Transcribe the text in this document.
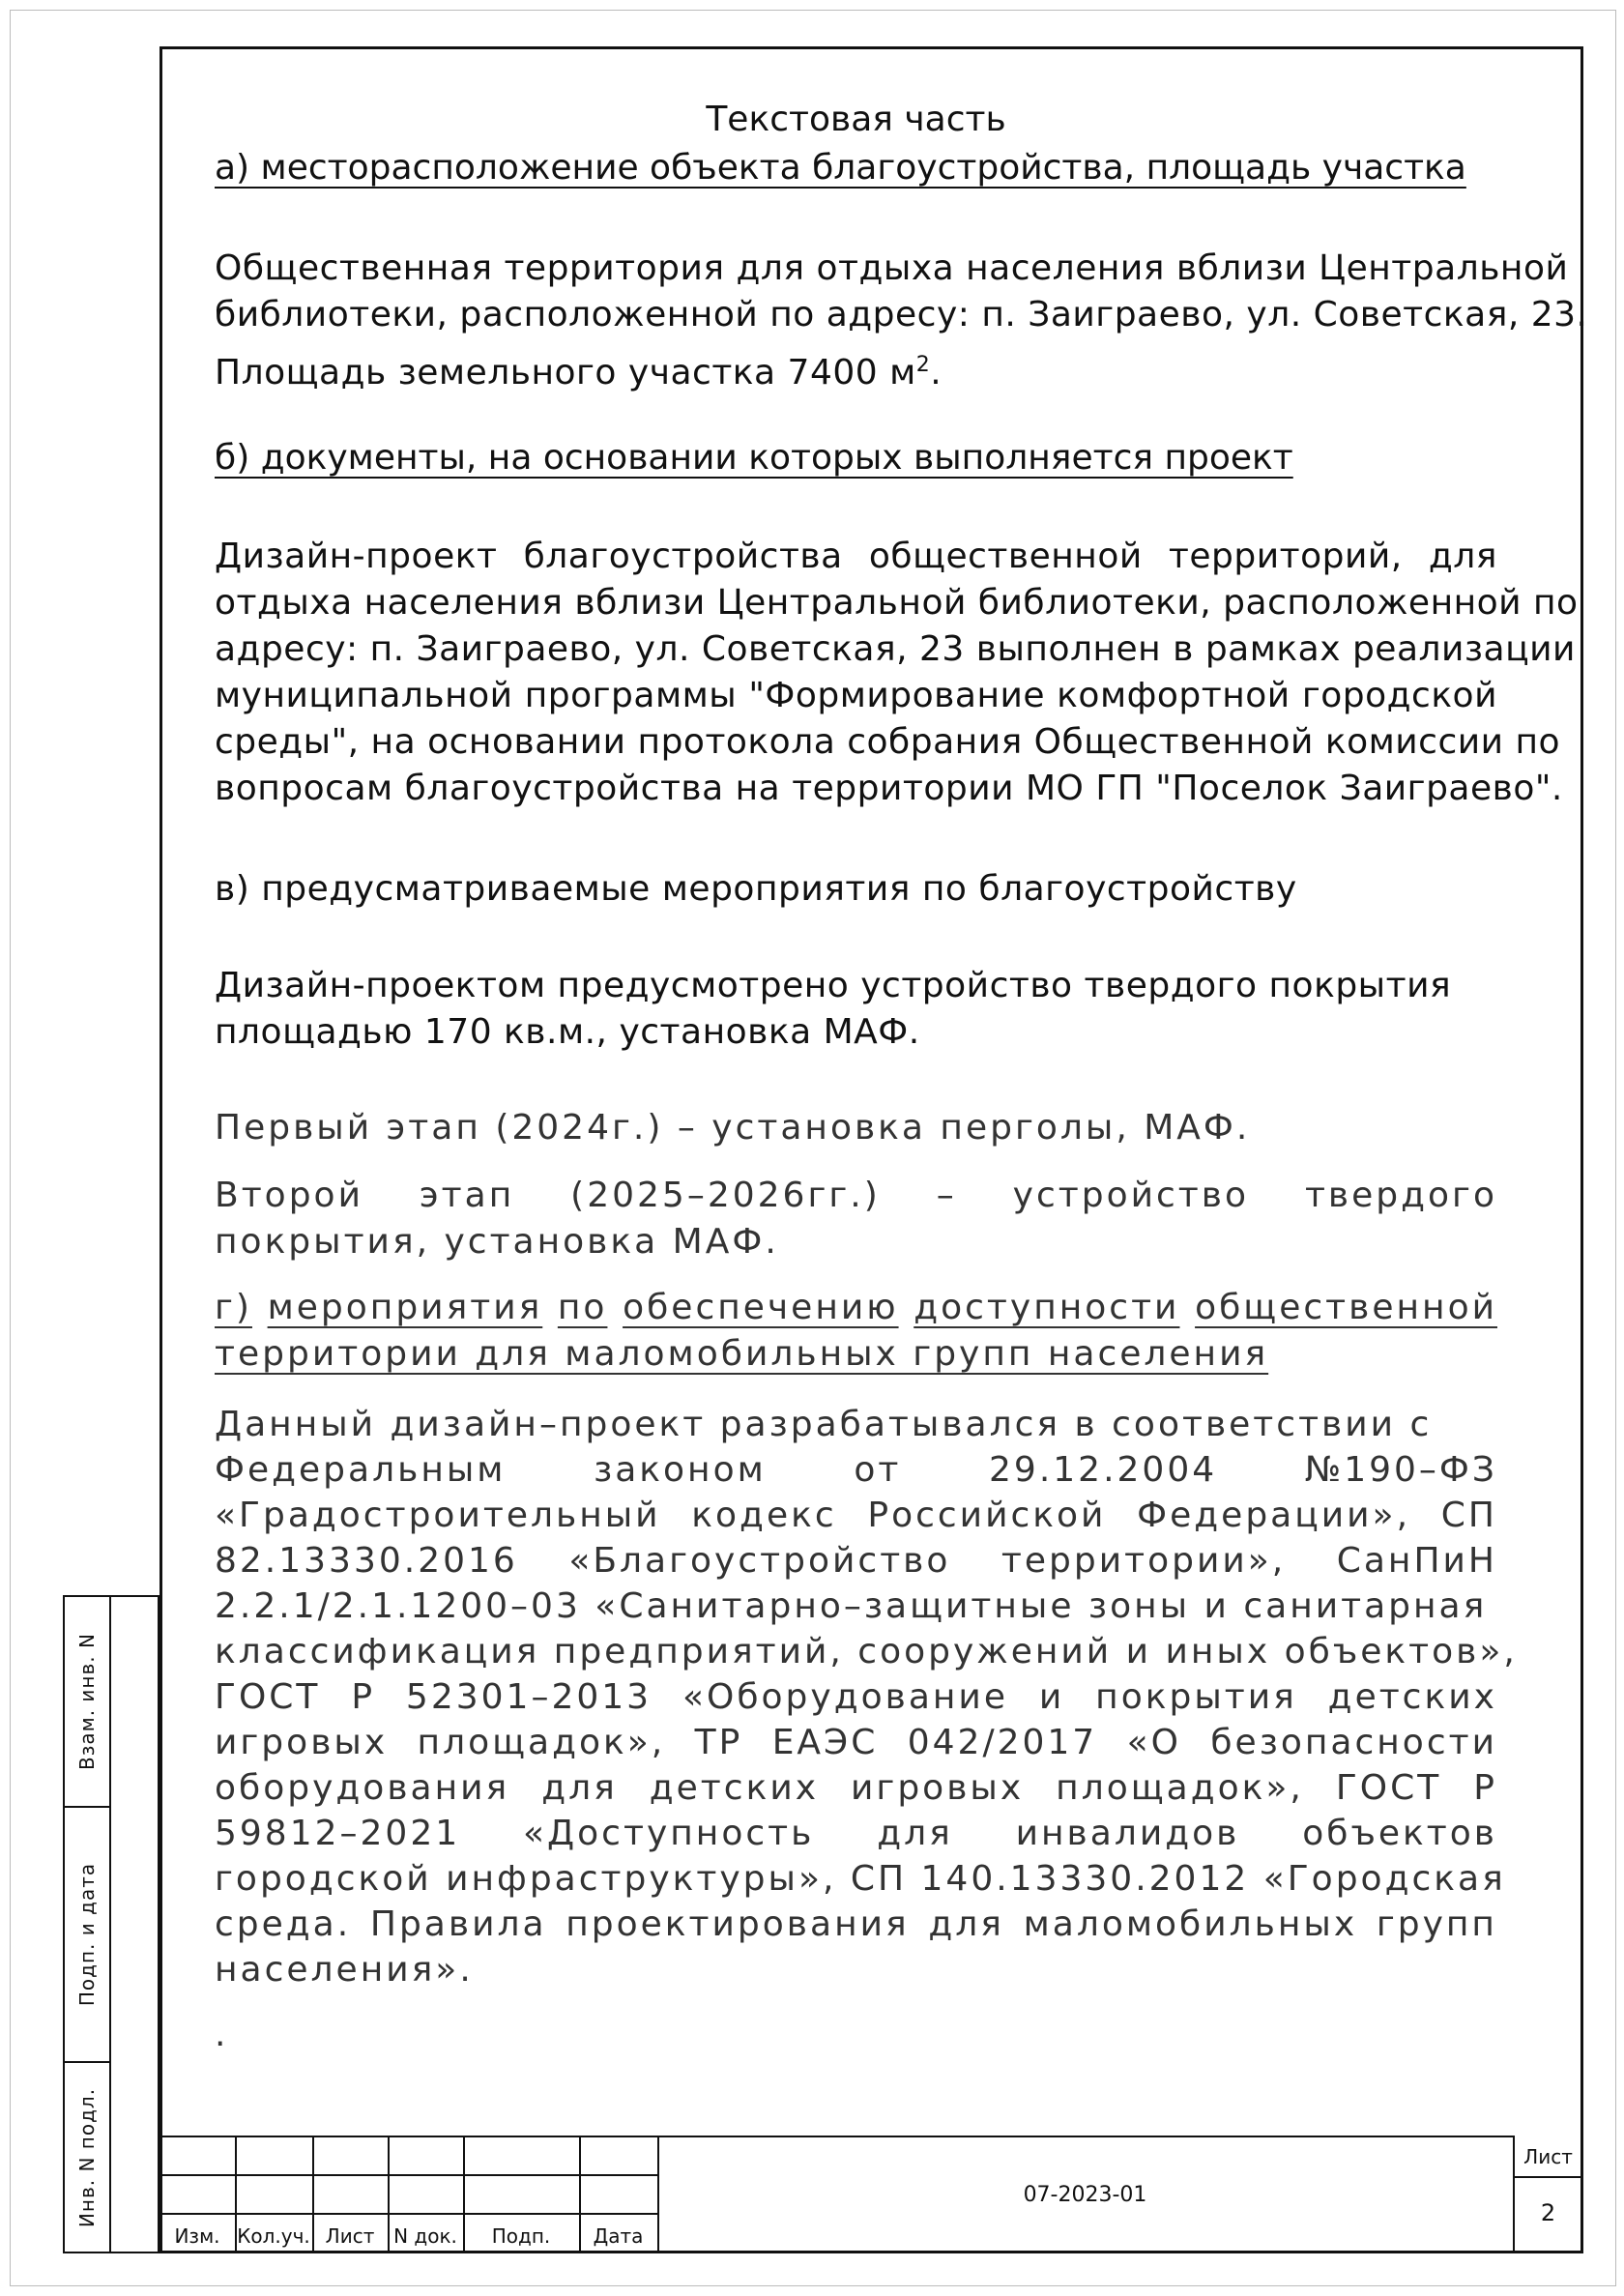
Текстовая часть
а) месторасположение объекта благоустройства, площадь участка
Общественная территория для отдыха населения вблизи Центральной
библиотеки, расположенной по адресу: п. Заиграево, ул. Советская, 23.
Площадь земельного участка 7400 $м^2$.
б) документы, на основании которых выполняется проект
Дизайн-проект благоустройства общественной территорий, для
отдыха населения вблизи Центральной библиотеки, расположенной по
адресу: п. Заиграево, ул. Советская, 23 выполнен в рамках реализации
муниципальной программы "Формирование комфортной городской
среды", на основании протокола собрания Общественной комиссии по
вопросам благоустройства на территории МО ГП "Поселок Заиграево".
в) предусматриваемые мероприятия по благоустройству
Дизайн-проектом предусмотрено устройство твердого покрытия
площадью 170 кв.м., установка МАФ.
Первый этап (2024г.) – установка перголы, МАФ.
Второй этап (2025–2026гг.) – устройство твердого
покрытия, установка МАФ.
г) мероприятия по обеспечению доступности общественной
территории для маломобильных групп населения
Данный дизайн–проект разрабатывался в соответствии с
Федеральным	законом	от	29.12.2004	№190–ФЗ
«Градостроительный кодекс Российской Федерации», СП
82.13330.2016 «Благоустройство территории», СанПиН
2.2.1/2.1.1200–03 «Санитарно–защитные зоны и санитарная
классификация предприятий, сооружений и иных объектов»,
ГОСТ Р 52301–2013 «Оборудование и покрытия детских
игровых площадок», ТР ЕАЭС 042/2017 «О безопасности
оборудования для детских игровых площадок», ГОСТ Р
59812–2021 «Доступность для инвалидов объектов
городской инфраструктуры», СП 140.13330.2012 «Городская
среда. Правила проектирования для маломобильных групп
населения».
.
Взам. инв. N
Подп. и дата
Инв. N подл.
Изм. Кол.уч. Лист N док.	Подп.	Дата
07-2023-01
Лист
2
